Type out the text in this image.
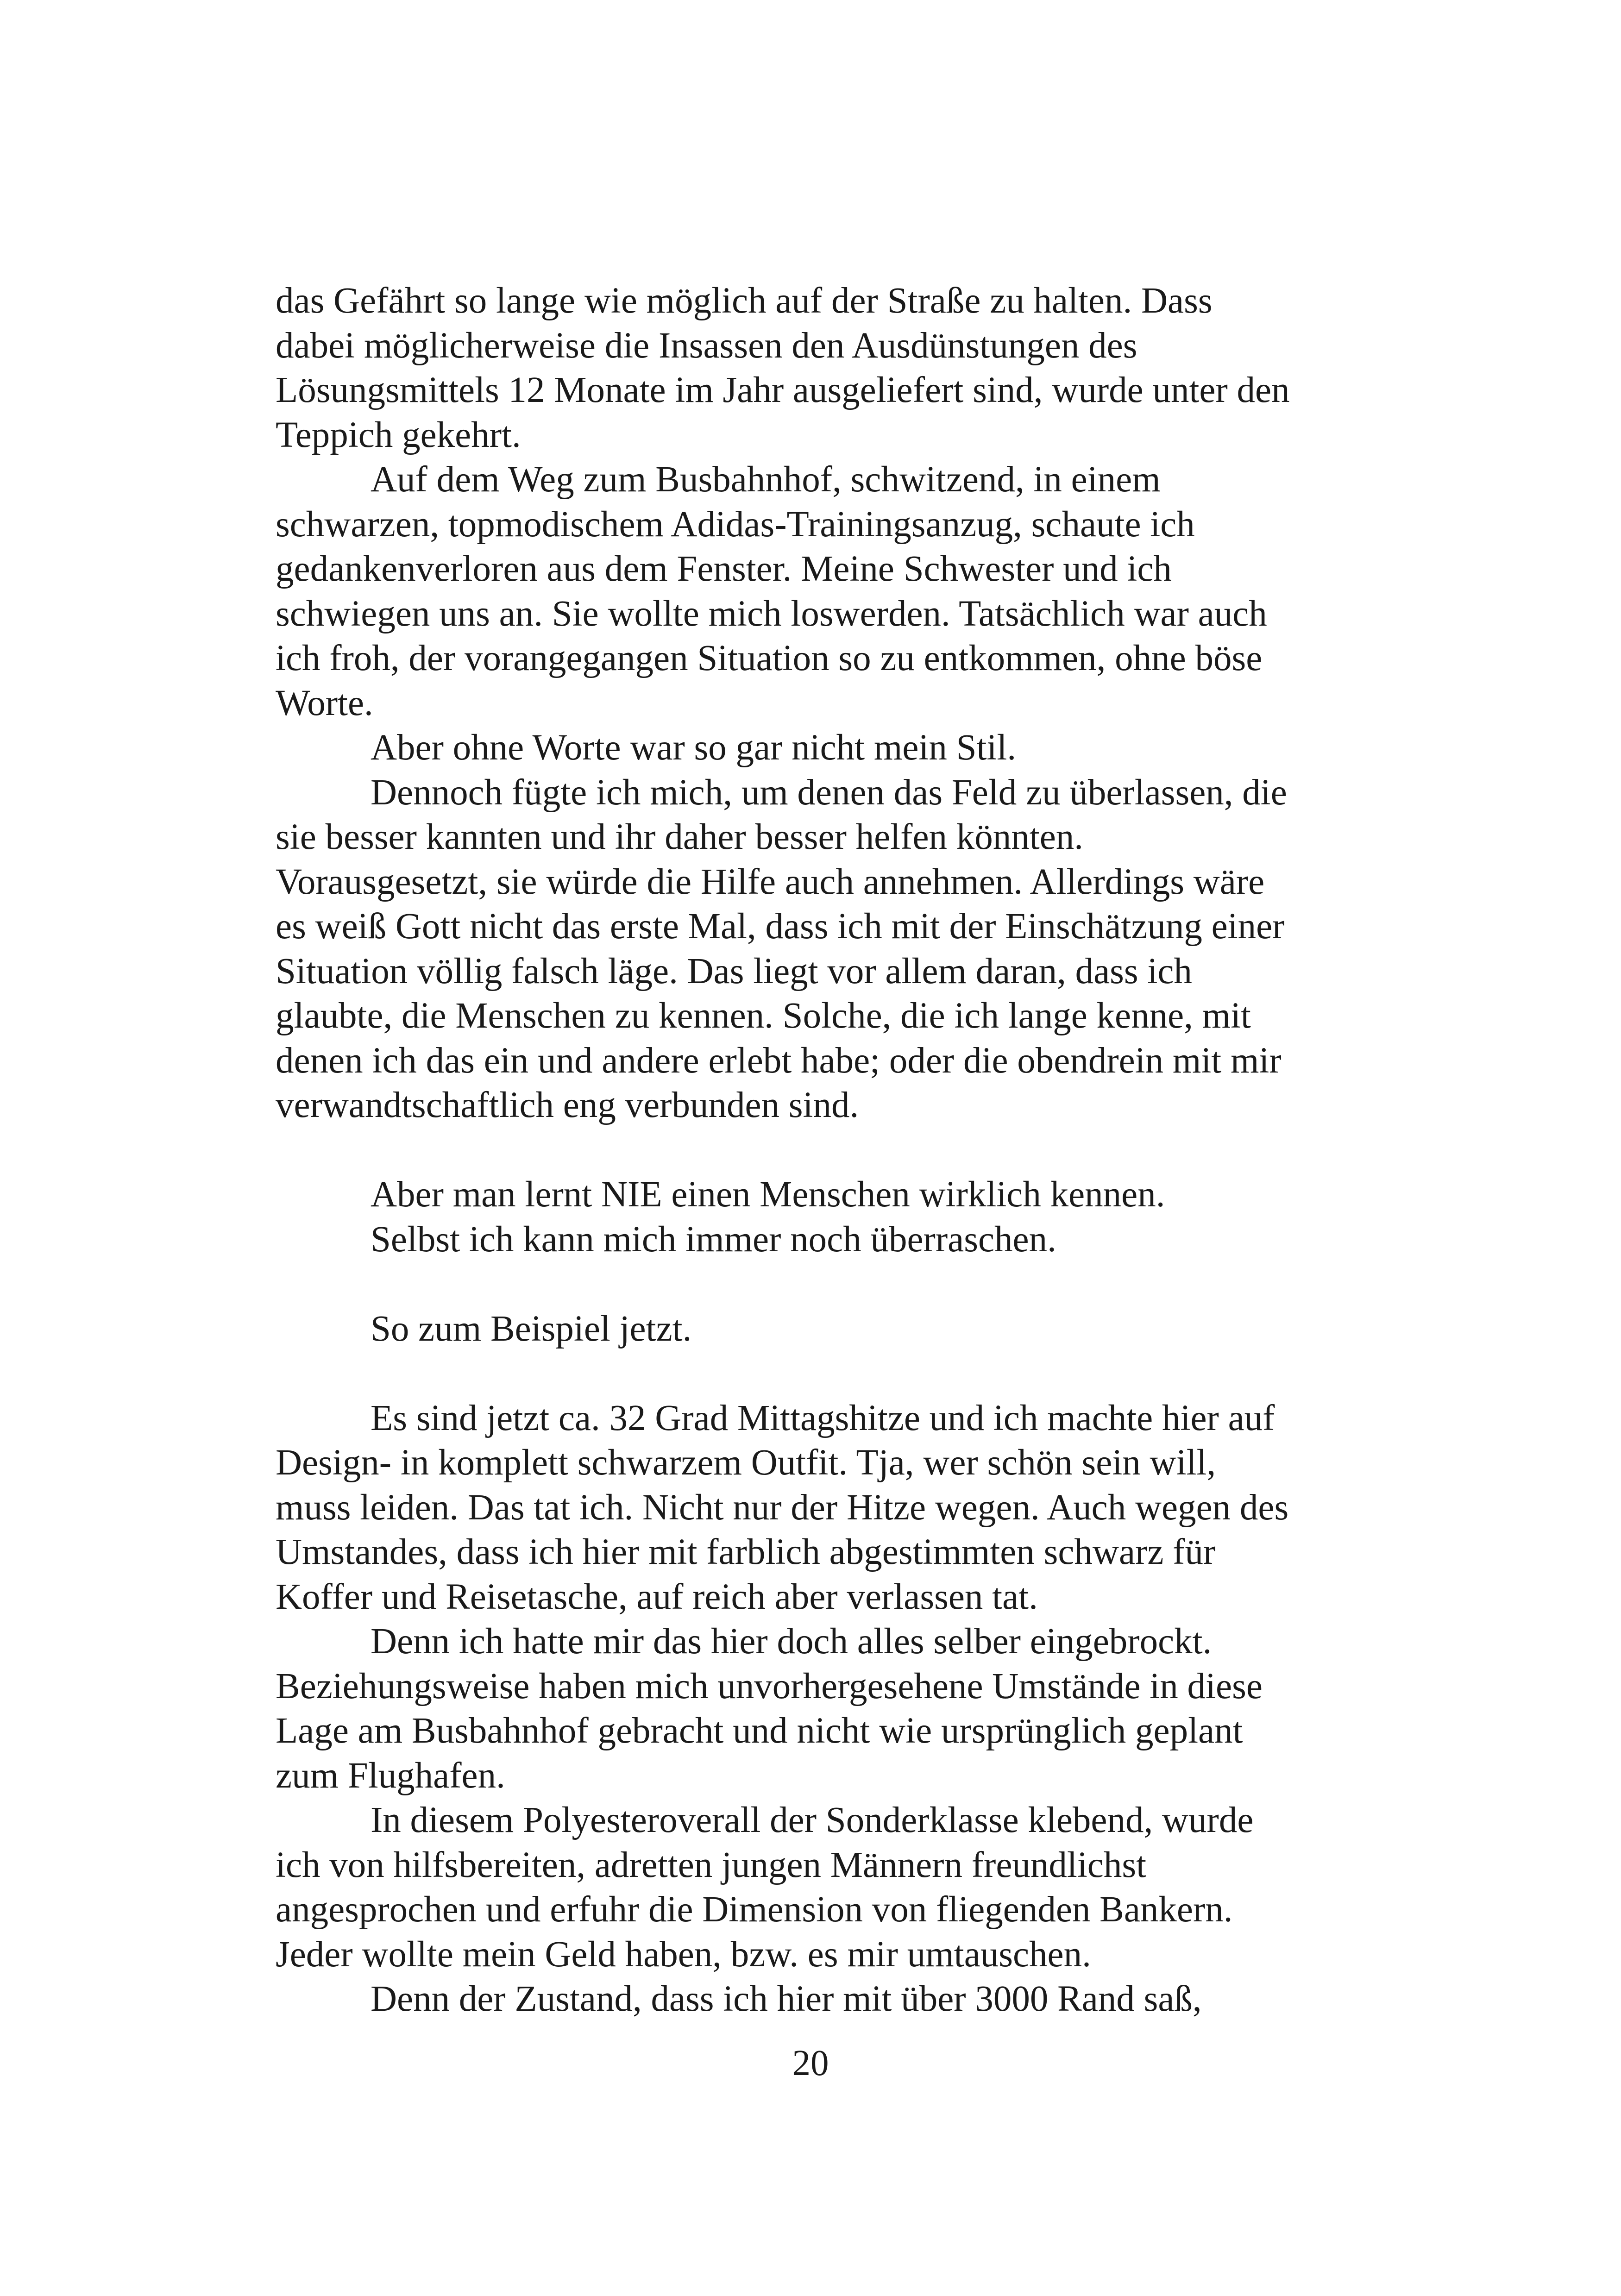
das Gefährt so lange wie möglich auf der Straße zu halten. Dass
dabei möglicherweise die Insassen den Ausdünstungen des
Lösungsmittels 12 Monate im Jahr ausgeliefert sind, wurde unter den
Teppich gekehrt.
Auf dem Weg zum Busbahnhof, schwitzend, in einem
schwarzen, topmodischem Adidas-Trainingsanzug, schaute ich
gedankenverloren aus dem Fenster. Meine Schwester und ich
schwiegen uns an. Sie wollte mich loswerden. Tatsächlich war auch
ich froh, der vorangegangen Situation so zu entkommen, ohne böse
Worte.
Aber ohne Worte war so gar nicht mein Stil.
Dennoch fügte ich mich, um denen das Feld zu überlassen, die
sie besser kannten und ihr daher besser helfen könnten.
Vorausgesetzt, sie würde die Hilfe auch annehmen. Allerdings wäre
es weiß Gott nicht das erste Mal, dass ich mit der Einschätzung einer
Situation völlig falsch läge. Das liegt vor allem daran, dass ich
glaubte, die Menschen zu kennen. Solche, die ich lange kenne, mit
denen ich das ein und andere erlebt habe; oder die obendrein mit mir
verwandtschaftlich eng verbunden sind.
Aber man lernt NIE einen Menschen wirklich kennen.
Selbst ich kann mich immer noch überraschen.
So zum Beispiel jetzt.
Es sind jetzt ca. 32 Grad Mittagshitze und ich machte hier auf
Design- in komplett schwarzem Outfit. Tja, wer schön sein will,
muss leiden. Das tat ich. Nicht nur der Hitze wegen. Auch wegen des
Umstandes, dass ich hier mit farblich abgestimmten schwarz für
Koffer und Reisetasche, auf reich aber verlassen tat.
Denn ich hatte mir das hier doch alles selber eingebrockt.
Beziehungsweise haben mich unvorhergesehene Umstände in diese
Lage am Busbahnhof gebracht und nicht wie ursprünglich geplant
zum Flughafen.
In diesem Polyesteroverall der Sonderklasse klebend, wurde
ich von hilfsbereiten, adretten jungen Männern freundlichst
angesprochen und erfuhr die Dimension von fliegenden Bankern.
Jeder wollte mein Geld haben, bzw. es mir umtauschen.
Denn der Zustand, dass ich hier mit über 3000 Rand saß,
20
